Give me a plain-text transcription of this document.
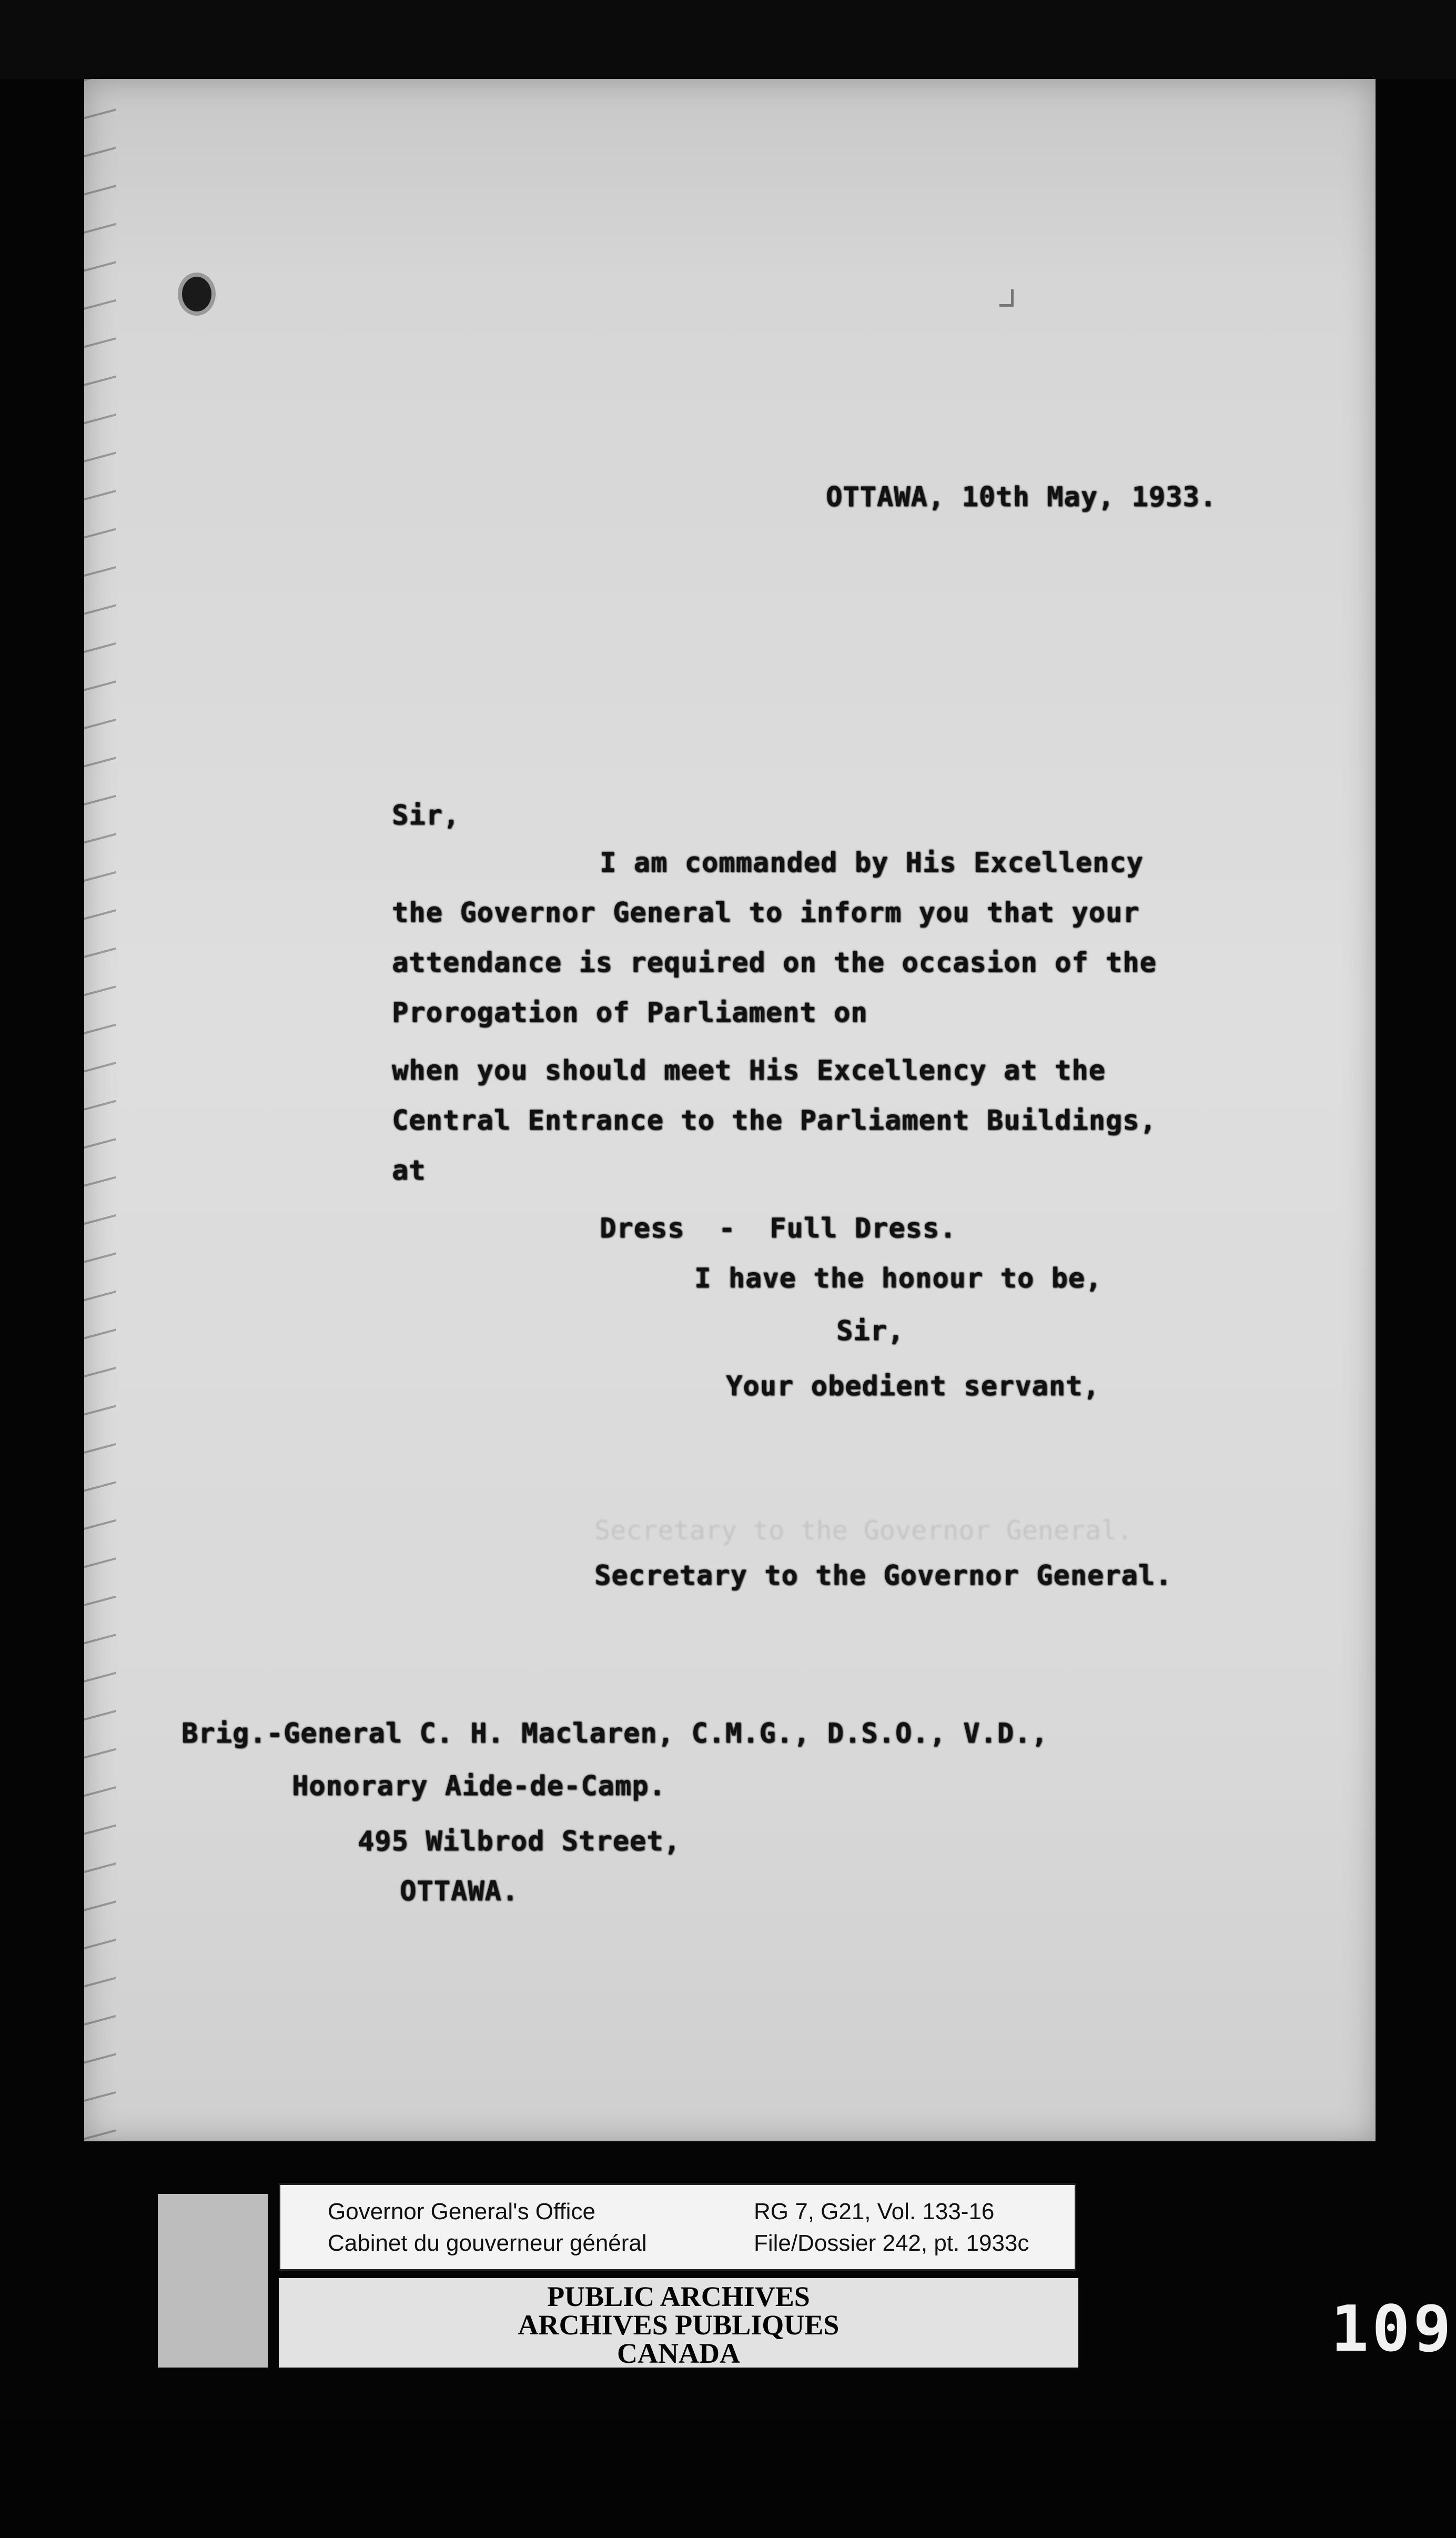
Secretary to the Governor General.
OTTAWA, 10th May, 1933.
Sir,
I am commanded by His Excellency
the Governor General to inform you that your
attendance is required on the occasion of the
Prorogation of Parliament on
when you should meet His Excellency at the
Central Entrance to the Parliament Buildings,
at
Dress  -  Full Dress.
I have the honour to be,
Sir,
Your obedient servant,
Secretary to the Governor General.
Brig.-General C. H. Maclaren, C.M.G., D.S.O., V.D.,
Honorary Aide-de-Camp.
495 Wilbrod Street,
OTTAWA.
Governor General's Office
Cabinet du gouverneur général
RG 7, G21, Vol. 133-16
File/Dossier 242, pt. 1933c
PUBLIC ARCHIVES
ARCHIVES PUBLIQUES
CANADA	109
